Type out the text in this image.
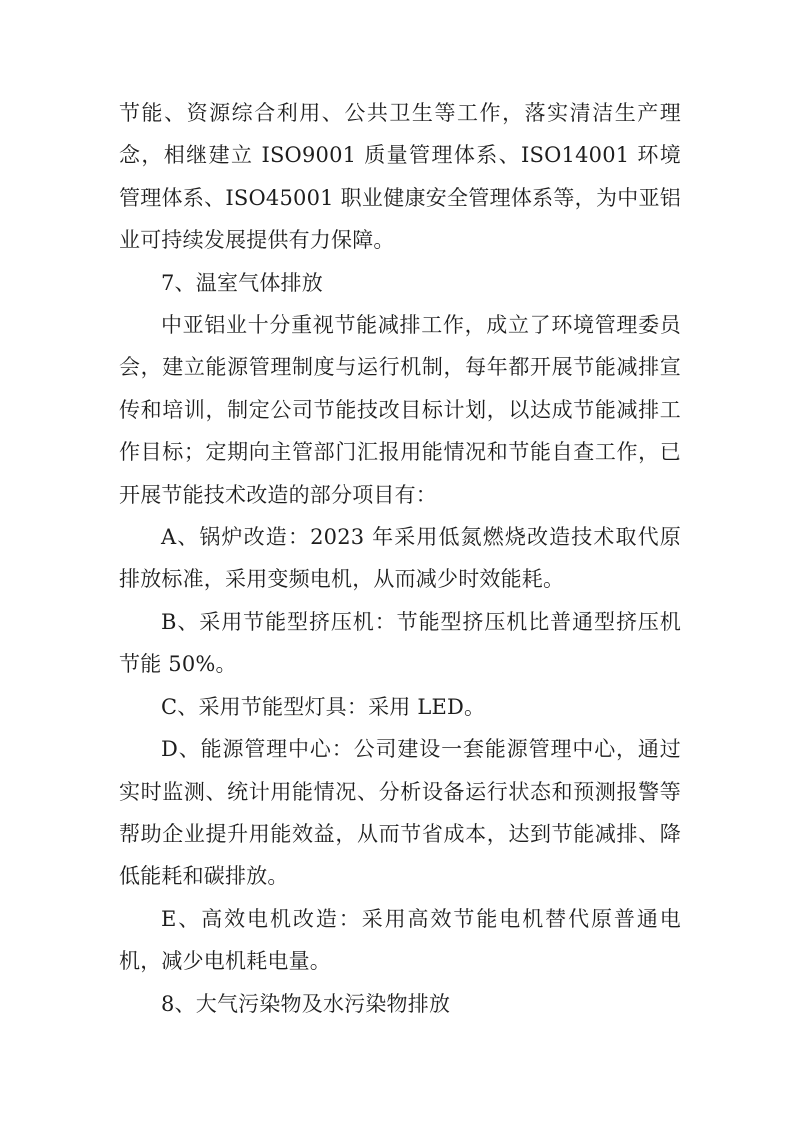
节能、资源综合利用、公共卫生等工作，落实清洁生产理念，相继建立 ISO9001 质量管理体系、ISO14001 环境管理体系、ISO45001 职业健康安全管理体系等，为中亚铝业可持续发展提供有力保障。

7、温室气体排放

中亚铝业十分重视节能减排工作，成立了环境管理委员会，建立能源管理制度与运行机制，每年都开展节能减排宣传和培训，制定公司节能技改目标计划，以达成节能减排工作目标；定期向主管部门汇报用能情况和节能自查工作，已开展节能技术改造的部分项目有：

A、锅炉改造：2023 年采用低氮燃烧改造技术取代原排放标准，采用变频电机，从而减少时效能耗。

B、采用节能型挤压机：节能型挤压机比普通型挤压机节能 50%。

C、采用节能型灯具：采用 LED。

D、能源管理中心：公司建设一套能源管理中心，通过实时监测、统计用能情况、分析设备运行状态和预测报警等帮助企业提升用能效益，从而节省成本，达到节能减排、降低能耗和碳排放。

E、高效电机改造：采用高效节能电机替代原普通电机，减少电机耗电量。

8、大气污染物及水污染物排放
